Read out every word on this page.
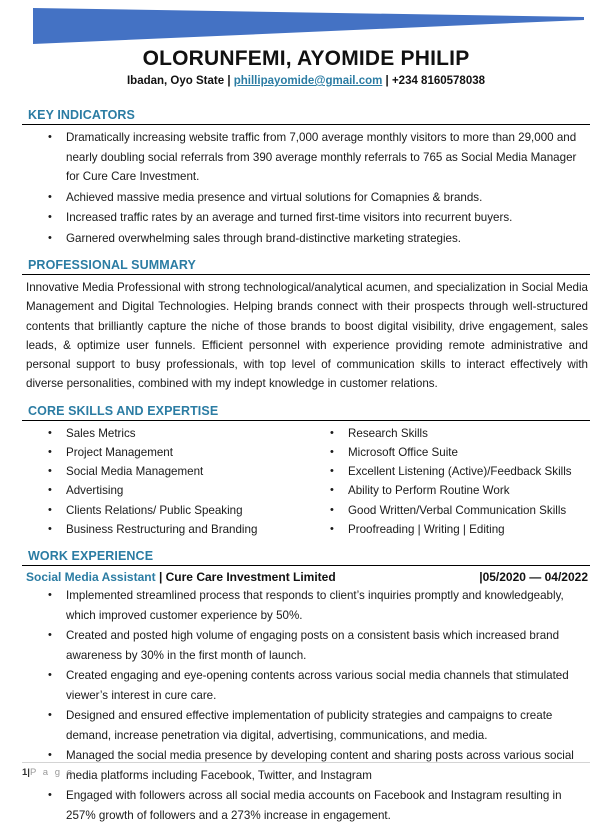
OLORUNFEMI, AYOMIDE PHILIP
Ibadan, Oyo State | phillipayomide@gmail.com | +234 8160578038
KEY INDICATORS
• Dramatically increasing website traffic from 7,000 average monthly visitors to more than 29,000 and nearly doubling social referrals from 390 average monthly referrals to 765 as Social Media Manager for Cure Care Investment.
• Achieved massive media presence and virtual solutions for Comapnies & brands.
• Increased traffic rates by an average and turned first-time visitors into recurrent buyers.
• Garnered overwhelming sales through brand-distinctive marketing strategies.
PROFESSIONAL SUMMARY
Innovative Media Professional with strong technological/analytical acumen, and specialization in Social Media Management and Digital Technologies. Helping brands connect with their prospects through well-structured contents that brilliantly capture the niche of those brands to boost digital visibility, drive engagement, sales leads, & optimize user funnels. Efficient personnel with experience providing remote administrative and personal support to busy professionals, with top level of communication skills to interact effectively with diverse personalities, combined with my indept knowledge in customer relations.
CORE SKILLS AND EXPERTISE
• Sales Metrics
• Project Management
• Social Media Management
• Advertising
• Clients Relations/ Public Speaking
• Business Restructuring and Branding
• Research Skills
• Microsoft Office Suite
• Excellent Listening (Active)/Feedback Skills
• Ability to Perform Routine Work
• Good Written/Verbal Communication Skills
• Proofreading | Writing | Editing
WORK EXPERIENCE
Social Media Assistant | Cure Care Investment Limited	|05/2020 — 04/2022
• Implemented streamlined process that responds to client’s inquiries promptly and knowledgeably, which improved customer experience by 50%.
• Created and posted high volume of engaging posts on a consistent basis which increased brand awareness by 30% in the first month of launch.
• Created engaging and eye-opening contents across various social media channels that stimulated viewer’s interest in cure care.
• Designed and ensured effective implementation of publicity strategies and campaigns to create demand, increase penetration via digital, advertising, communications, and media.
• Managed the social media presence by developing content and sharing posts across various social media platforms including Facebook, Twitter, and Instagram
• Engaged with followers across all social media accounts on Facebook and Instagram resulting in 257% growth of followers and a 273% increase in engagement.
1|P a g e
